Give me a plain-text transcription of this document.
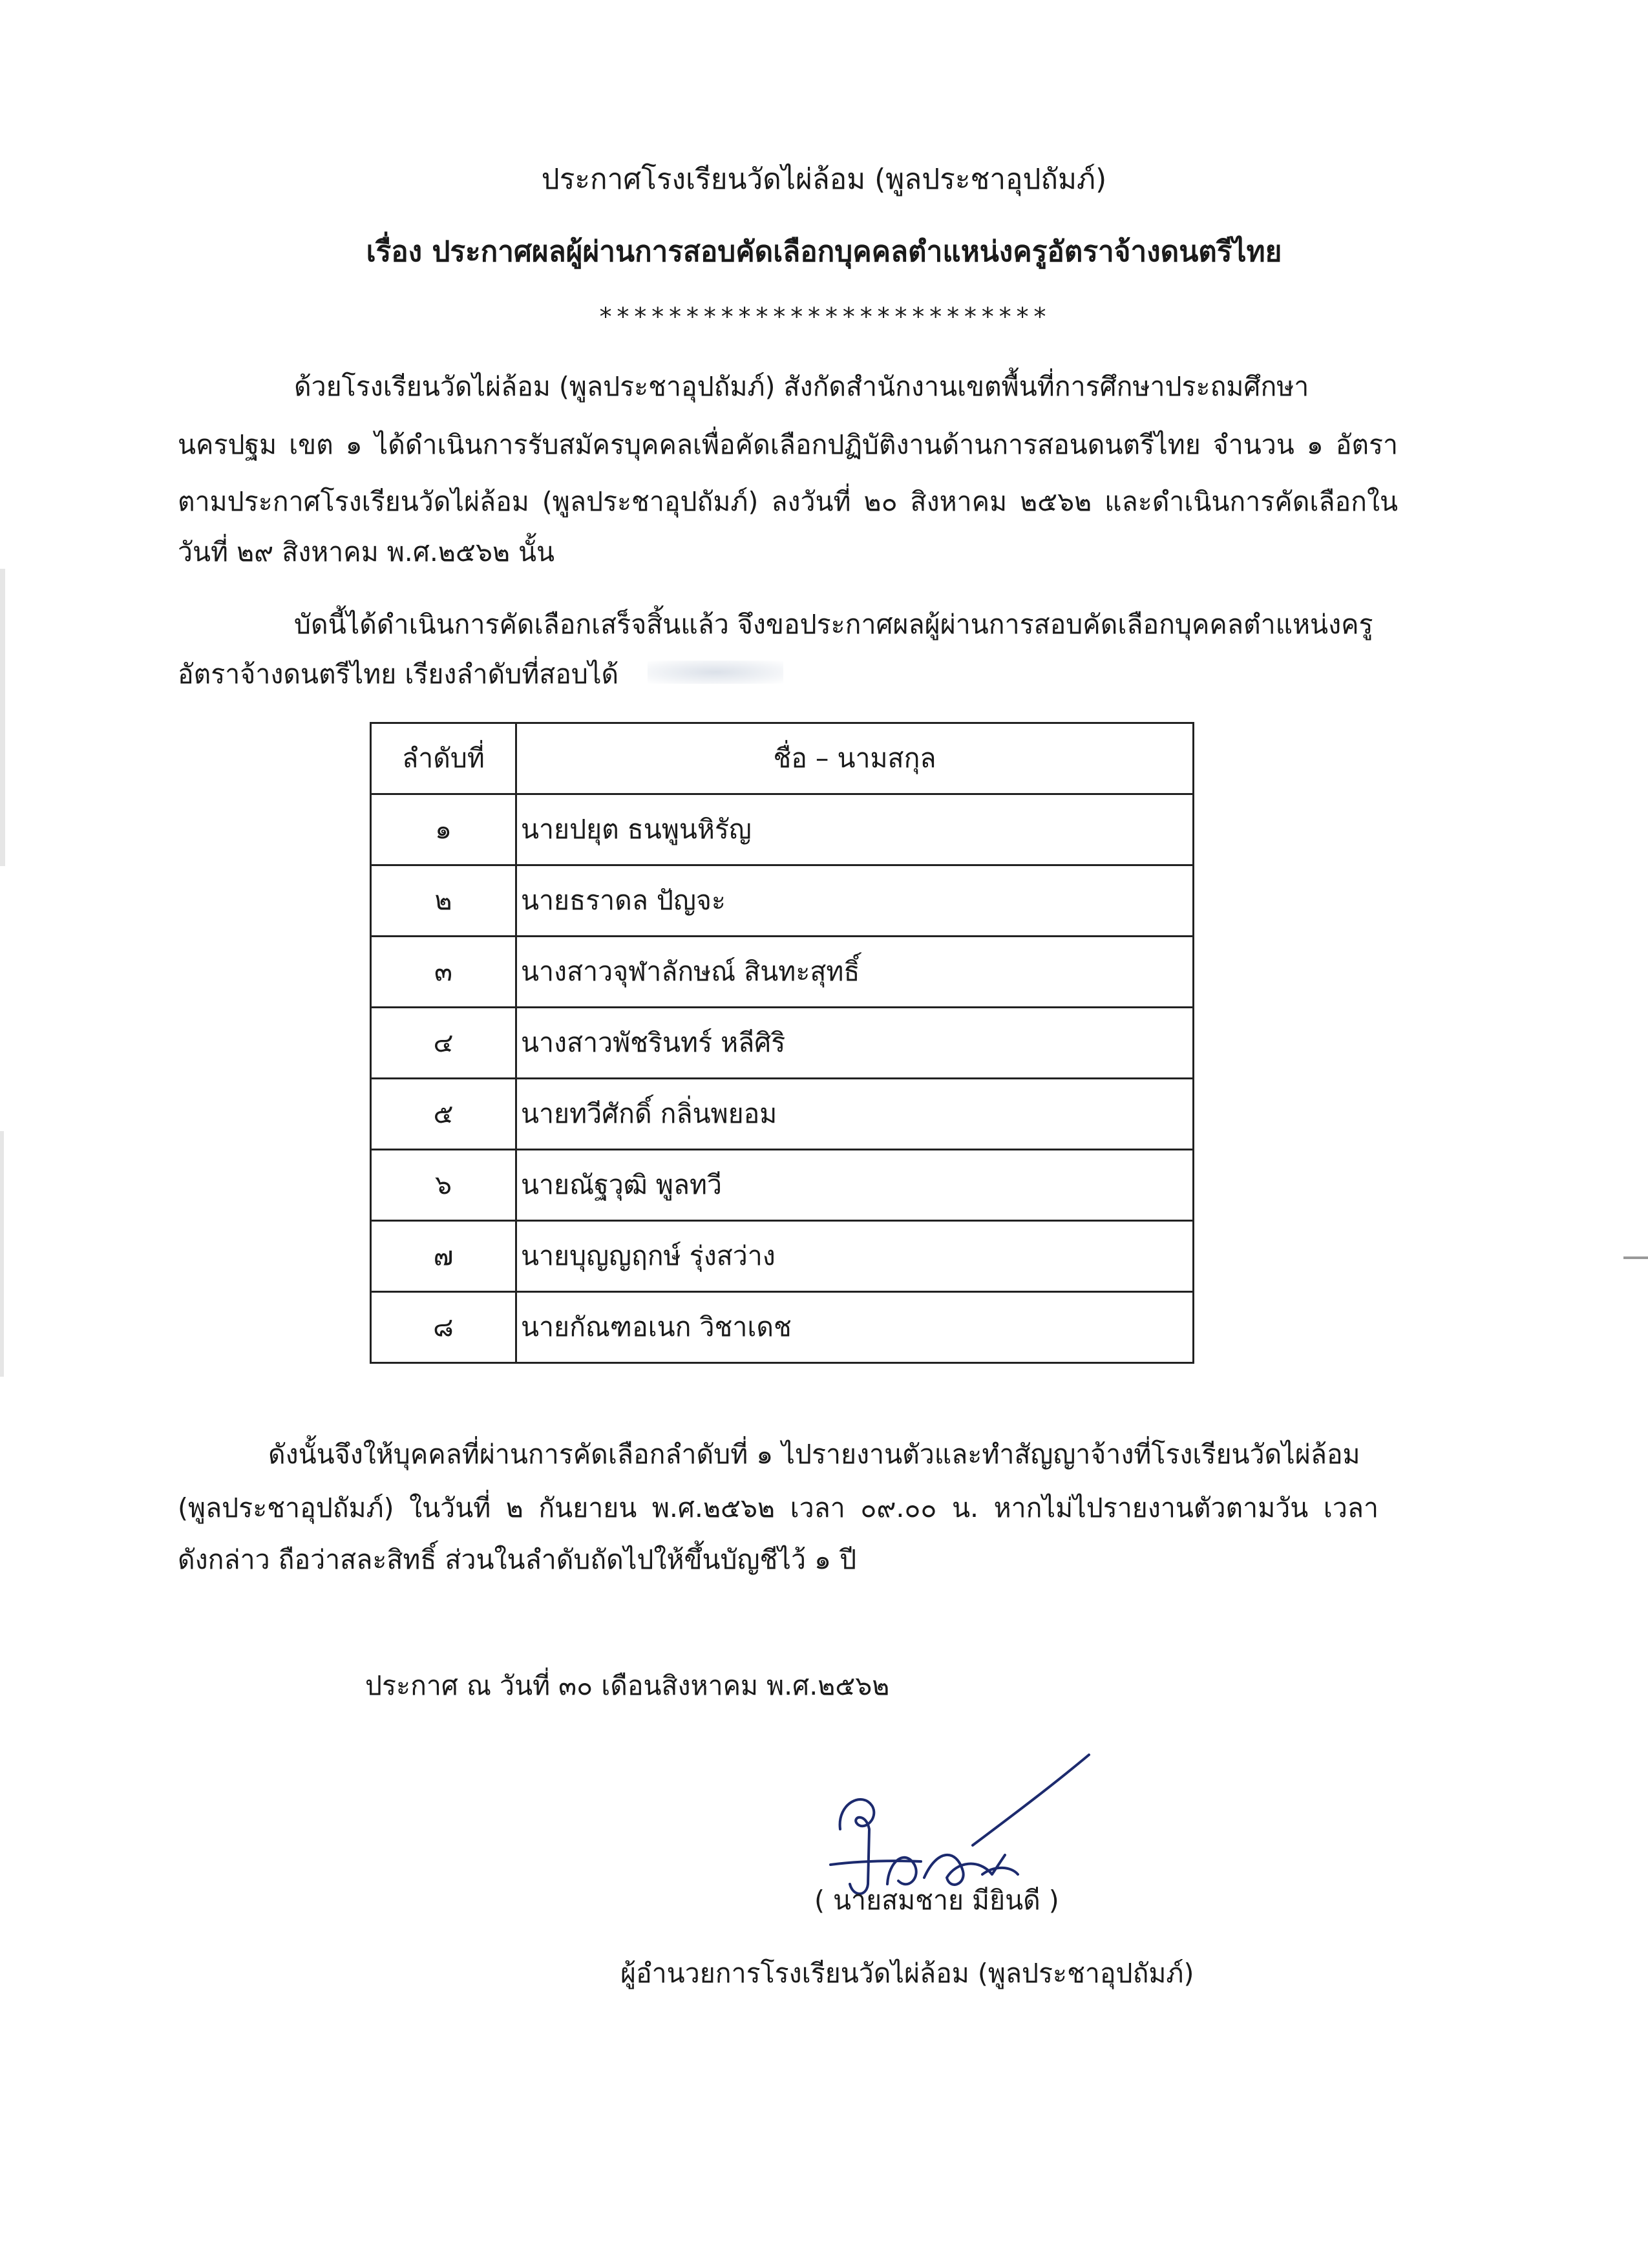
ประกาศโรงเรียนวัดไผ่ล้อม (พูลประชาอุปถัมภ์)
เรื่อง ประกาศผลผู้ผ่านการสอบคัดเลือกบุคคลตำแหน่งครูอัตราจ้างดนตรีไทย
**************************
ด้วยโรงเรียนวัดไผ่ล้อม (พูลประชาอุปถัมภ์) สังกัดสำนักงานเขตพื้นที่การศึกษาประถมศึกษา
นครปฐม เขต ๑ ได้ดำเนินการรับสมัครบุคคลเพื่อคัดเลือกปฏิบัติงานด้านการสอนดนตรีไทย จำนวน ๑ อัตรา
ตามประกาศโรงเรียนวัดไผ่ล้อม (พูลประชาอุปถัมภ์) ลงวันที่ ๒๐ สิงหาคม ๒๕๖๒ และดำเนินการคัดเลือกใน
วันที่ ๒๙ สิงหาคม พ.ศ.๒๕๖๒ นั้น
บัดนี้ได้ดำเนินการคัดเลือกเสร็จสิ้นแล้ว จึงขอประกาศผลผู้ผ่านการสอบคัดเลือกบุคคลตำแหน่งครู
อัตราจ้างดนตรีไทย เรียงลำดับที่สอบได้
ลำดับที่	ชื่อ – นามสกุล
๑	นายปยุต ธนพูนหิรัญ
๒	นายธราดล ปัญจะ
๓	นางสาวจุฬาลักษณ์ สินทะสุทธิ์
๔	นางสาวพัชรินทร์ หลีศิริ
๕	นายทวีศักดิ์ กลิ่นพยอม
๖	นายณัฐวุฒิ พูลทวี
๗	นายบุญญฤกษ์ รุ่งสว่าง
๘	นายกัณฑอเนก วิชาเดช
ดังนั้นจึงให้บุคคลที่ผ่านการคัดเลือกลำดับที่ ๑ ไปรายงานตัวและทำสัญญาจ้างที่โรงเรียนวัดไผ่ล้อม
(พูลประชาอุปถัมภ์) ในวันที่ ๒ กันยายน พ.ศ.๒๕๖๒ เวลา ๐๙.๐๐ น. หากไม่ไปรายงานตัวตามวัน เวลา
ดังกล่าว ถือว่าสละสิทธิ์ ส่วนในลำดับถัดไปให้ขึ้นบัญชีไว้ ๑ ปี
ประกาศ ณ วันที่ ๓๐ เดือนสิงหาคม พ.ศ.๒๕๖๒
( นายสมชาย มียินดี )
ผู้อำนวยการโรงเรียนวัดไผ่ล้อม (พูลประชาอุปถัมภ์)
